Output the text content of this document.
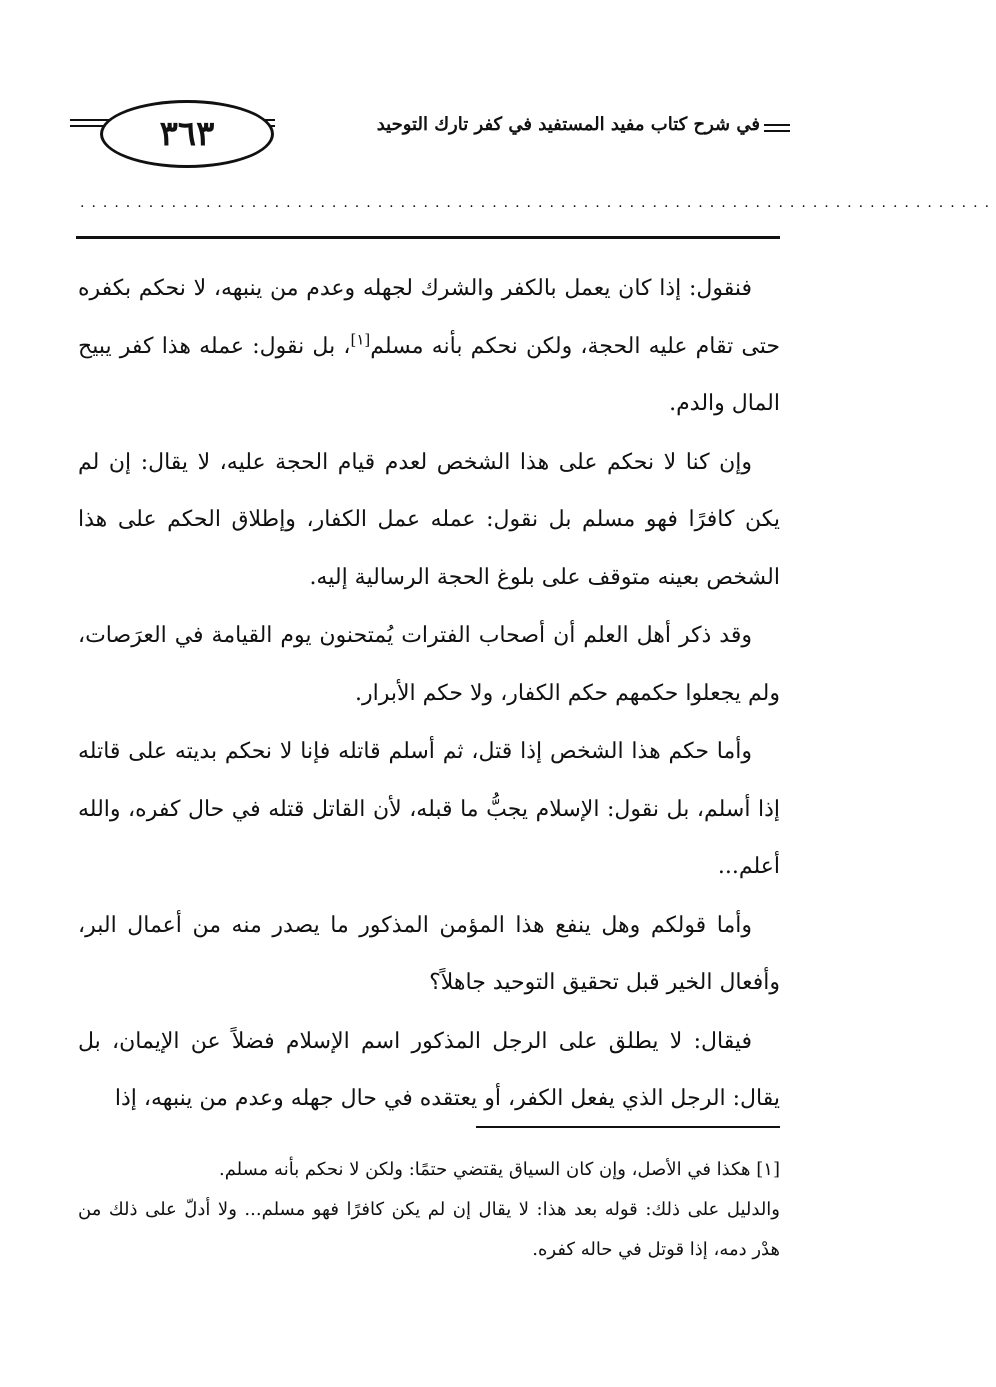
٣٦٣	في شرح كتاب مفيد المستفيد في كفر تارك التوحيد
................................................................................

فنقول: إذا كان يعمل بالكفر والشرك لجهله وعدم من ينبهه، لا نحكم بكفره حتى تقام عليه الحجة، ولكن نحكم بأنه مسلم[١]، بل نقول: عمله هذا كفر يبيح المال والدم.

وإن كنا لا نحكم على هذا الشخص لعدم قيام الحجة عليه، لا يقال: إن لم يكن كافرًا فهو مسلم بل نقول: عمله عمل الكفار، وإطلاق الحكم على هذا الشخص بعينه متوقف على بلوغ الحجة الرسالية إليه.

وقد ذكر أهل العلم أن أصحاب الفترات يُمتحنون يوم القيامة في العرَصات، ولم يجعلوا حكمهم حكم الكفار، ولا حكم الأبرار.

وأما حكم هذا الشخص إذا قتل، ثم أسلم قاتله فإنا لا نحكم بديته على قاتله إذا أسلم، بل نقول: الإسلام يجبُّ ما قبله، لأن القاتل قتله في حال كفره، والله أعلم...

وأما قولكم وهل ينفع هذا المؤمن المذكور ما يصدر منه من أعمال البر، وأفعال الخير قبل تحقيق التوحيد جاهلاً؟

فيقال: لا يطلق على الرجل المذكور اسم الإسلام فضلاً عن الإيمان، بل يقال: الرجل الذي يفعل الكفر، أو يعتقده في حال جهله وعدم من ينبهه، إذا

[١] هكذا في الأصل، وإن كان السياق يقتضي حتمًا: ولكن لا نحكم بأنه مسلم.

والدليل على ذلك: قوله بعد هذا: لا يقال إن لم يكن كافرًا فهو مسلم... ولا أدلّ على ذلك من هدْر دمه، إذا قوتل في حاله كفره.
